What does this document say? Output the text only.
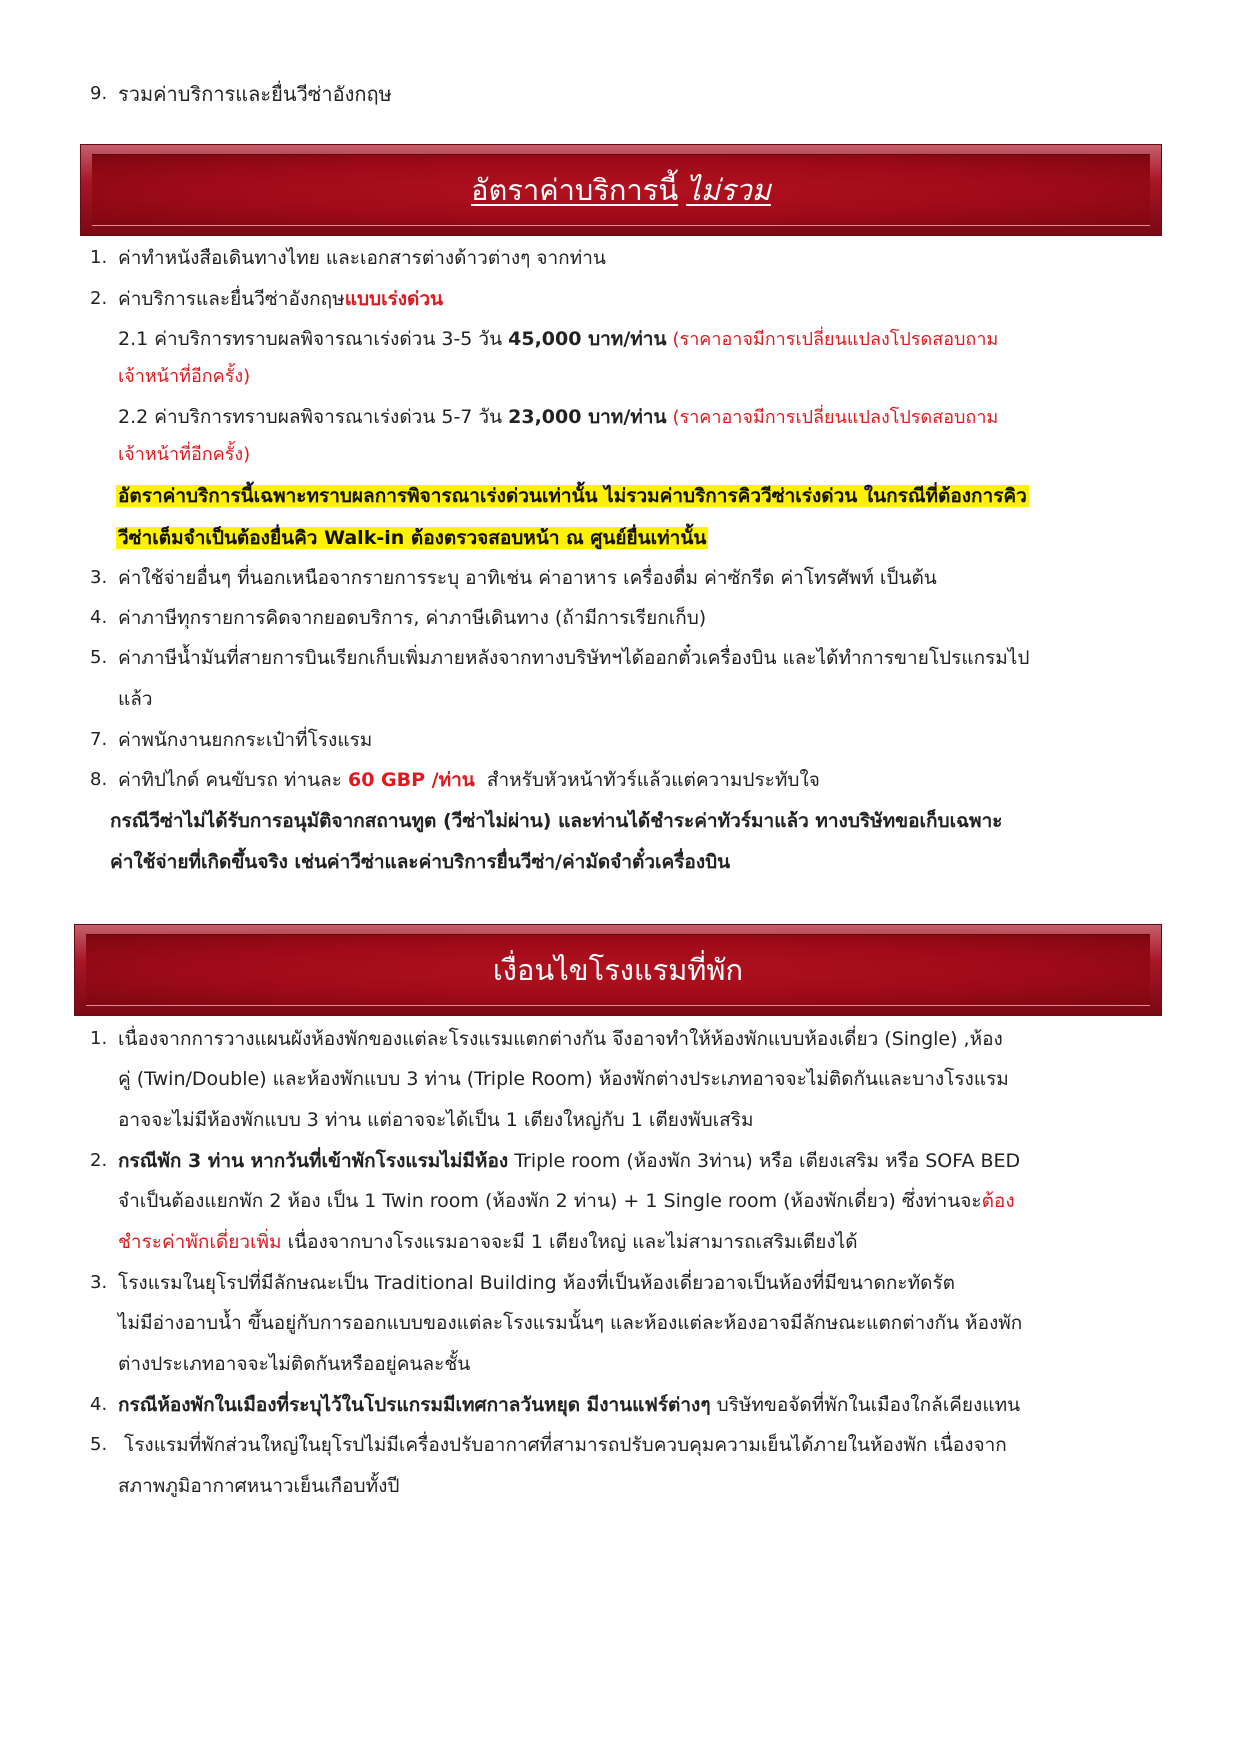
9. รวมค่าบริการและยื่นวีซ่าอังกฤษ
อัตราค่าบริการนี้ ไม่รวม
1. ค่าทำหนังสือเดินทางไทย และเอกสารต่างด้าวต่างๆ จากท่าน
2. ค่าบริการและยื่นวีซ่าอังกฤษแบบเร่งด่วน
2.1 ค่าบริการทราบผลพิจารณาเร่งด่วน 3-5 วัน 45,000 บาท/ท่าน (ราคาอาจมีการเปลี่ยนแปลงโปรดสอบถาม
เจ้าหน้าที่อีกครั้ง)
2.2 ค่าบริการทราบผลพิจารณาเร่งด่วน 5-7 วัน 23,000 บาท/ท่าน (ราคาอาจมีการเปลี่ยนแปลงโปรดสอบถาม
เจ้าหน้าที่อีกครั้ง)
อัตราค่าบริการนี้เฉพาะทราบผลการพิจารณาเร่งด่วนเท่านั้น ไม่รวมค่าบริการคิววีซ่าเร่งด่วน ในกรณีที่ต้องการคิว
วีซ่าเต็มจำเป็นต้องยื่นคิว Walk-in ต้องตรวจสอบหน้า ณ ศูนย์ยื่นเท่านั้น
3. ค่าใช้จ่ายอื่นๆ ที่นอกเหนือจากรายการระบุ อาทิเช่น ค่าอาหาร เครื่องดื่ม ค่าซักรีด ค่าโทรศัพท์ เป็นต้น
4. ค่าภาษีทุกรายการคิดจากยอดบริการ, ค่าภาษีเดินทาง (ถ้ามีการเรียกเก็บ)
5. ค่าภาษีน้ำมันที่สายการบินเรียกเก็บเพิ่มภายหลังจากทางบริษัทฯได้ออกตั๋วเครื่องบิน และได้ทำการขายโปรแกรมไป
แล้ว
7. ค่าพนักงานยกกระเป๋าที่โรงแรม
8. ค่าทิปไกด์ คนขับรถ ท่านละ 60 GBP /ท่าน สำหรับหัวหน้าทัวร์แล้วแต่ความประทับใจ
กรณีวีซ่าไม่ได้รับการอนุมัติจากสถานทูต (วีซ่าไม่ผ่าน) และท่านได้ชำระค่าทัวร์มาแล้ว ทางบริษัทขอเก็บเฉพาะ
ค่าใช้จ่ายที่เกิดขึ้นจริง เช่นค่าวีซ่าและค่าบริการยื่นวีซ่า/ค่ามัดจำตั๋วเครื่องบิน
เงื่อนไขโรงแรมที่พัก
1. เนื่องจากการวางแผนผังห้องพักของแต่ละโรงแรมแตกต่างกัน จึงอาจทำให้ห้องพักแบบห้องเดี่ยว (Single) ,ห้อง
คู่ (Twin/Double) และห้องพักแบบ 3 ท่าน (Triple Room) ห้องพักต่างประเภทอาจจะไม่ติดกันและบางโรงแรม
อาจจะไม่มีห้องพักแบบ 3 ท่าน แต่อาจจะได้เป็น 1 เตียงใหญ่กับ 1 เตียงพับเสริม
2. กรณีพัก 3 ท่าน หากวันที่เข้าพักโรงแรมไม่มีห้อง Triple room (ห้องพัก 3ท่าน) หรือ เตียงเสริม หรือ SOFA BED
จำเป็นต้องแยกพัก 2 ห้อง เป็น 1 Twin room (ห้องพัก 2 ท่าน) + 1 Single room (ห้องพักเดี่ยว) ซึ่งท่านจะต้อง
ชำระค่าพักเดี่ยวเพิ่ม เนื่องจากบางโรงแรมอาจจะมี 1 เตียงใหญ่ และไม่สามารถเสริมเตียงได้
3. โรงแรมในยุโรปที่มีลักษณะเป็น Traditional Building ห้องที่เป็นห้องเดี่ยวอาจเป็นห้องที่มีขนาดกะทัดรัต
ไม่มีอ่างอาบน้ำ ขึ้นอยู่กับการออกแบบของแต่ละโรงแรมนั้นๆ และห้องแต่ละห้องอาจมีลักษณะแตกต่างกัน ห้องพัก
ต่างประเภทอาจจะไม่ติดกันหรืออยู่คนละชั้น
4. กรณีห้องพักในเมืองที่ระบุไว้ในโปรแกรมมีเทศกาลวันหยุด มีงานแฟร์ต่างๆ บริษัทขอจัดที่พักในเมืองใกล้เคียงแทน
5. โรงแรมที่พักส่วนใหญ่ในยุโรปไม่มีเครื่องปรับอากาศที่สามารถปรับควบคุมความเย็นได้ภายในห้องพัก เนื่องจาก
สภาพภูมิอากาศหนาวเย็นเกือบทั้งปี
